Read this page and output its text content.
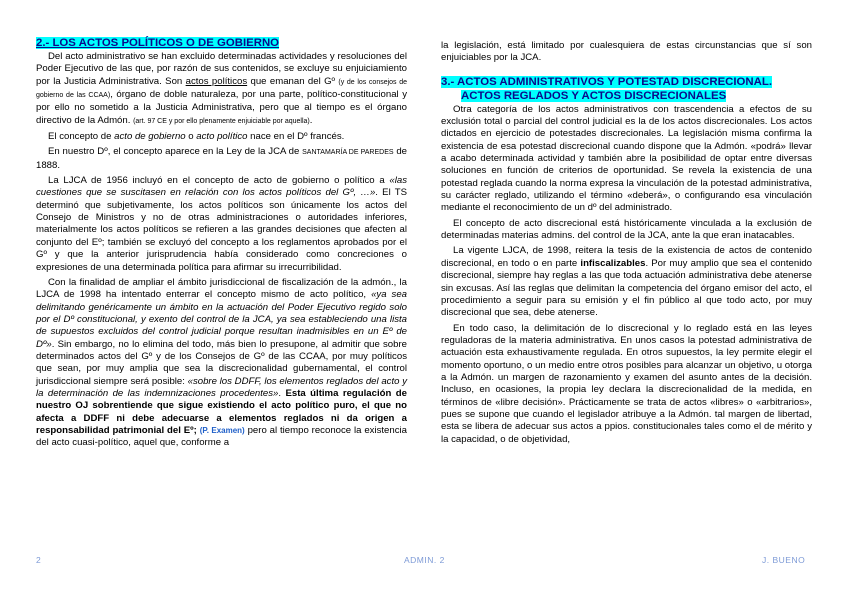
2.- LOS ACTOS POLÍTICOS O DE GOBIERNO

Del acto administrativo se han excluido determinadas actividades y resoluciones del Poder Ejecutivo de las que, por razón de sus contenidos, se excluye su enjuiciamiento por la Justicia Administrativa. Son actos políticos que emanan del Gº (y de los consejos de gobierno de las CCAA), órgano de doble naturaleza, por una parte, político-constitucional y por ello no sometido a la Justicia Administrativa, pero que al tiempo es el órgano directivo de la Admón. (art. 97 CE y por ello plenamente enjuiciable por aquella).

El concepto de acto de gobierno o acto político nace en el Dº francés.

En nuestro Dº, el concepto aparece en la Ley de la JCA de SANTAMARÍA DE PAREDES de 1888.

La LJCA de 1956 incluyó en el concepto de acto de gobierno o político a «las cuestiones que se suscitasen en relación con los actos políticos del Gº, …». El TS determinó que subjetivamente, los actos políticos son únicamente los actos del Consejo de Ministros y no de otras administraciones o autoridades inferiores, materialmente los actos políticos se refieren a las grandes decisiones que afecten al conjunto del Eº; también se excluyó del concepto a los reglamentos aprobados por el Gº y que la anterior jurisprudencia había considerado como concreciones o expresiones de una determinada política para afirmar su irrecurribilidad.

Con la finalidad de ampliar el ámbito jurisdiccional de fiscalización de la admón., la LJCA de 1998 ha intentado enterrar el concepto mismo de acto político, «ya sea delimitando genéricamente un ámbito en la actuación del Poder Ejecutivo regido solo por el Dº constitucional, y exento del control de la JCA, ya sea estableciendo una lista de supuestos excluidos del control judicial porque resultan inadmisibles en un Eº de Dº». Sin embargo, no lo elimina del todo, más bien lo presupone, al admitir que sobre determinados actos del Gº y de los Consejos de Gº de las CCAA, por muy políticos que sean, por muy amplia que sea la discrecionalidad gubernamental, el control jurisdiccional siempre será posible: «sobre los DDFF, los elementos reglados del acto y la determinación de las indemnizaciones procedentes». Esta última regulación de nuestro OJ sobrentiende que sigue existiendo el acto político puro, el que no afecta a DDFF ni debe adecuarse a elementos reglados ni da origen a responsabilidad patrimonial del Eº; (P. Examen) pero al tiempo reconoce la existencia del acto cuasi-político, aquel que, conforme a

la legislación, está limitado por cualesquiera de estas circunstancias que sí son enjuiciables por la JCA.

3.- ACTOS ADMINISTRATIVOS Y POTESTAD DISCRECIONAL.
ACTOS REGLADOS Y ACTOS DISCRECIONALES

Otra categoría de los actos administrativos con trascendencia a efectos de su exclusión total o parcial del control judicial es la de los actos discrecionales. Los actos dictados en ejercicio de potestades discrecionales. La legislación misma confirma la existencia de esa potestad discrecional cuando dispone que la Admón. «podrá» llevar a acabo determinada actividad y también abre la posibilidad de optar entre diversas soluciones en función de criterios de oportunidad. Se revela la existencia de una potestad reglada cuando la norma expresa la vinculación de la potestad administrativa, su carácter reglado, utilizando el término «deberá», o configurando esa vinculación mediante el reconocimiento de un dº del administrado.

El concepto de acto discrecional está históricamente vinculada a la exclusión de determinadas materias admins. del control de la JCA, ante la que eran inatacables.

La vigente LJCA, de 1998, reitera la tesis de la existencia de actos de contenido discrecional, en todo o en parte infiscalizables. Por muy amplio que sea el contenido discrecional, siempre hay reglas a las que toda actuación administrativa debe atenerse sin excusas. Así las reglas que delimitan la competencia del órgano emisor del acto, el procedimiento a seguir para su emisión y el fin público al que todo acto, por muy discrecional que sea, debe atenerse.

En todo caso, la delimitación de lo discrecional y lo reglado está en las leyes reguladoras de la materia administrativa. En unos casos la potestad administrativa de actuación esta exhaustivamente regulada. En otros supuestos, la ley permite elegir el momento oportuno, o un medio entre otros posibles para alcanzar un objetivo, u otorga a la Admón. un margen de razonamiento y examen del asunto antes de la decisión. Incluso, en ocasiones, la propia ley declara la discrecionalidad de la medida, en términos de «libre decisión». Prácticamente se trata de actos «libres» o «arbitrarios», pues se supone que cuando el legislador atribuye a la Admón. tal margen de libertad, esta se libera de adecuar sus actos a ppios. constitucionales tales como el de mérito y la capacidad, o de objetividad,

2	ADMIN. 2	J. BUENO
